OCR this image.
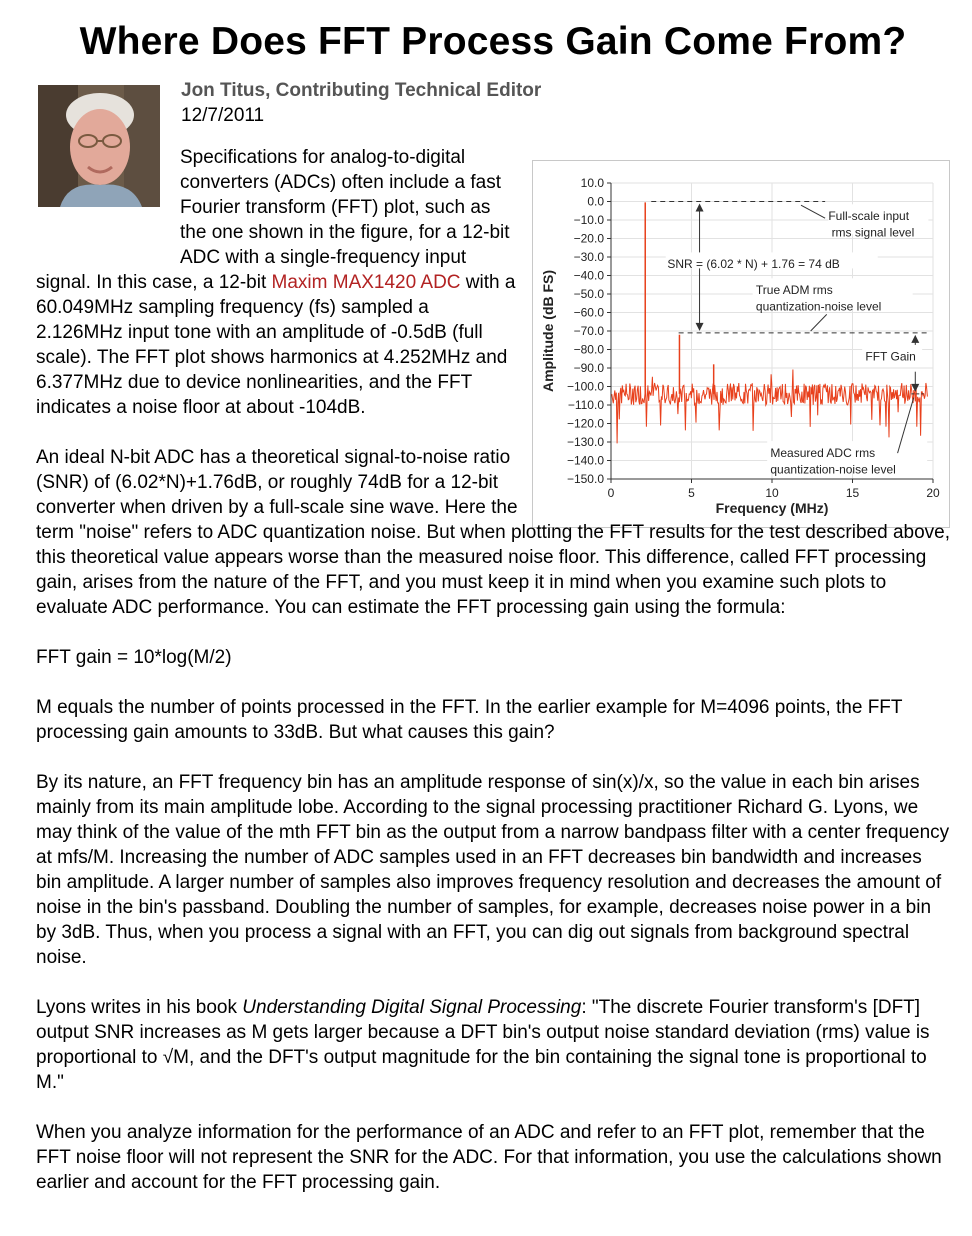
Where Does FFT Process Gain Come From?
Jon Titus, Contributing Technical Editor
12/7/2011
10.0
0.0
−10.0
−20.0
−30.0
−40.0
−50.0
−60.0
−70.0
−80.0
−90.0
−100.0
−110.0
−120.0
−130.0
−140.0
−150.0
0	5	10	15	20
Frequency (MHz)
Amplitude (dB FS)
Full-scale input
rms signal level
SNR = (6.02 * N) + 1.76 = 74 dB
True ADM rms
quantization-noise level
FFT Gain
Measured ADC rms
quantization-noise level

Specifications for analog-to-digital converters (ADCs) often include a fast Fourier transform (FFT) plot, such as the one shown in the figure, for a 12-bit ADC with a single-frequency input signal. In this case, a 12-bit Maxim MAX1420 ADC with a 60.049MHz sampling frequency (fs) sampled a 2.126MHz input tone with an amplitude of -0.5dB (full scale). The FFT plot shows harmonics at 4.252MHz and 6.377MHz due to device nonlinearities, and the FFT indicates a noise floor at about -104dB.

An ideal N-bit ADC has a theoretical signal-to-noise ratio (SNR) of (6.02*N)+1.76dB, or roughly 74dB for a 12-bit converter when driven by a full-scale sine wave. Here the term "noise" refers to ADC quantization noise. But when plotting the FFT results for the test described above, this theoretical value appears worse than the measured noise floor. This difference, called FFT processing gain, arises from the nature of the FFT, and you must keep it in mind when you examine such plots to evaluate ADC performance. You can estimate the FFT processing gain using the formula:

FFT gain = 10*log(M/2)

M equals the number of points processed in the FFT. In the earlier example for M=4096 points, the FFT processing gain amounts to 33dB. But what causes this gain?

By its nature, an FFT frequency bin has an amplitude response of sin(x)/x, so the value in each bin arises mainly from its main amplitude lobe. According to the signal processing practitioner Richard G. Lyons, we may think of the value of the mth FFT bin as the output from a narrow bandpass filter with a center frequency at mfs/M. Increasing the number of ADC samples used in an FFT decreases bin bandwidth and increases bin amplitude. A larger number of samples also improves frequency resolution and decreases the amount of noise in the bin's passband. Doubling the number of samples, for example, decreases noise power in a bin by 3dB. Thus, when you process a signal with an FFT, you can dig out signals from background spectral noise.

Lyons writes in his book Understanding Digital Signal Processing: "The discrete Fourier transform's [DFT] output SNR increases as M gets larger because a DFT bin's output noise standard deviation (rms) value is proportional to √M, and the DFT's output magnitude for the bin containing the signal tone is proportional to M."

When you analyze information for the performance of an ADC and refer to an FFT plot, remember that the FFT noise floor will not represent the SNR for the ADC. For that information, you use the calculations shown earlier and account for the FFT processing gain.
